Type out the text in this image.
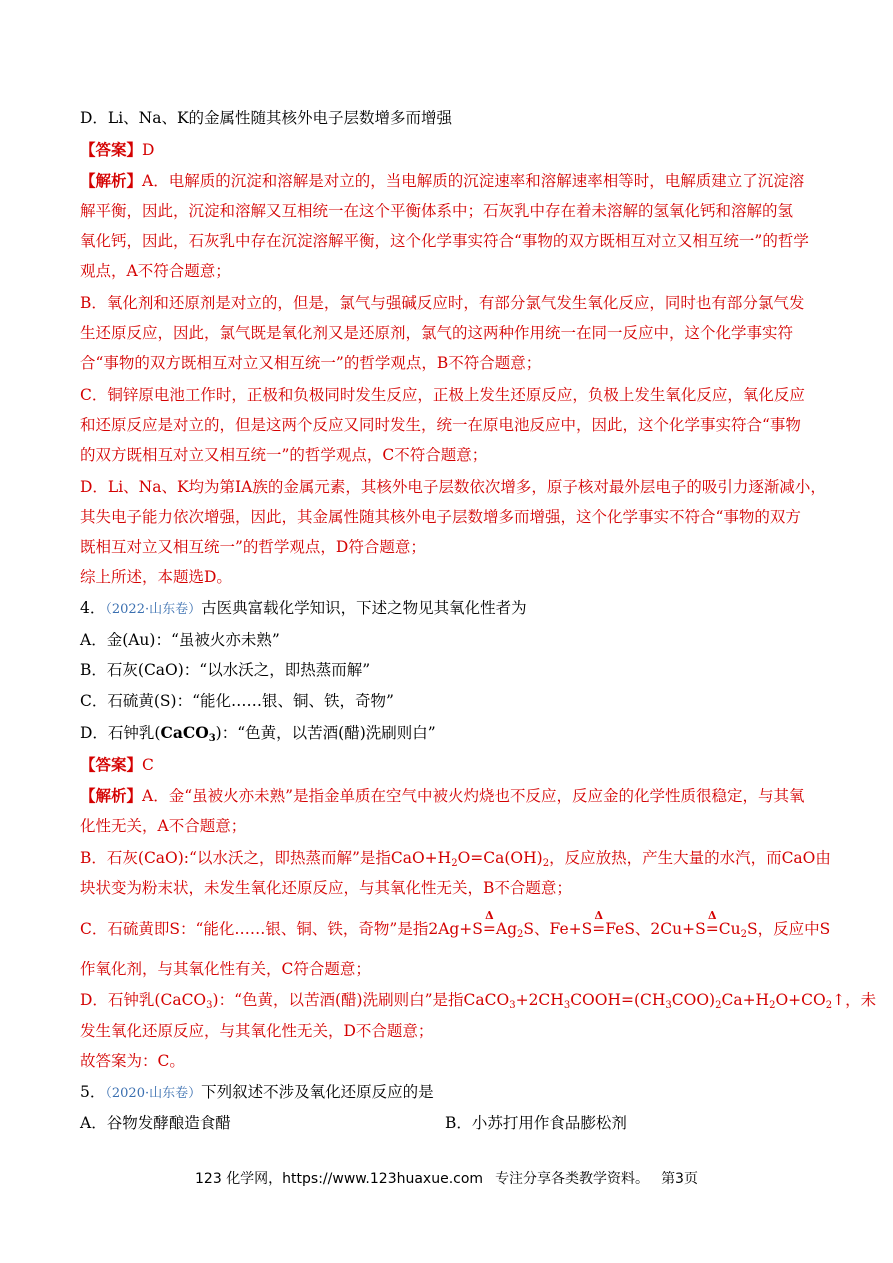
D．Li、Na、K的金属性随其核外电子层数增多而增强
【答案】D
【解析】A．电解质的沉淀和溶解是对立的，当电解质的沉淀速率和溶解速率相等时，电解质建立了沉淀溶
解平衡，因此，沉淀和溶解又互相统一在这个平衡体系中；石灰乳中存在着未溶解的氢氧化钙和溶解的氢
氧化钙，因此，石灰乳中存在沉淀溶解平衡，这个化学事实符合“事物的双方既相互对立又相互统一”的哲学
观点，A不符合题意；
B．氧化剂和还原剂是对立的，但是，氯气与强碱反应时，有部分氯气发生氧化反应，同时也有部分氯气发
生还原反应，因此，氯气既是氧化剂又是还原剂，氯气的这两种作用统一在同一反应中，这个化学事实符
合“事物的双方既相互对立又相互统一”的哲学观点，B不符合题意；
C．铜锌原电池工作时，正极和负极同时发生反应，正极上发生还原反应，负极上发生氧化反应，氧化反应
和还原反应是对立的，但是这两个反应又同时发生，统一在原电池反应中，因此，这个化学事实符合“事物
的双方既相互对立又相互统一”的哲学观点，C不符合题意；
D．Li、Na、K均为第IA族的金属元素，其核外电子层数依次增多，原子核对最外层电子的吸引力逐渐减小，
其失电子能力依次增强，因此，其金属性随其核外电子层数增多而增强，这个化学事实不符合“事物的双方
既相互对立又相互统一”的哲学观点，D符合题意；
综上所述，本题选D。
4．（2022·山东卷）古医典富载化学知识，下述之物见其氧化性者为
A．金(Au)：“虽被火亦未熟”
B．石灰(CaO)：“以水沃之，即热蒸而解”
C．石硫黄(S)：“能化……银、铜、铁，奇物”
D．石钟乳(CaCO$_3$)：“色黄，以苦酒(醋)洗刷则白”
【答案】C
【解析】A．金“虽被火亦未熟”是指金单质在空气中被火灼烧也不反应，反应金的化学性质很稳定，与其氧
化性无关，A不合题意；
B．石灰(CaO):“以水沃之，即热蒸而解”是指$CaO+H_2O=Ca(OH)_2$，反应放热，产生大量的水汽，而CaO由
块状变为粉末状，未发生氧化还原反应，与其氧化性无关，B不合题意；
C．石硫黄即S：“能化……银、铜、铁，奇物”是指2Ag+S
Δ
$=Ag_2S$、Fe+S
Δ
=FeS、2Cu+S
Δ
$=Cu_2S$，反应中S
作氧化剂，与其氧化性有关，C符合题意；
D．石钟乳(CaCO$_3$)：“色黄，以苦酒(醋)洗刷则白”是指$CaCO_3+2CH_3COOH=(CH_3COO)_2Ca+H_2O+CO_2↑$，未
发生氧化还原反应，与其氧化性无关，D不合题意；
故答案为：C。
5．（2020·山东卷）下列叙述不涉及氧化还原反应的是
A．谷物发酵酿造食醋	B．小苏打用作食品膨松剂
123 化学网，https://www.123huaxue.com 专注分享各类教学资料。 第3页
